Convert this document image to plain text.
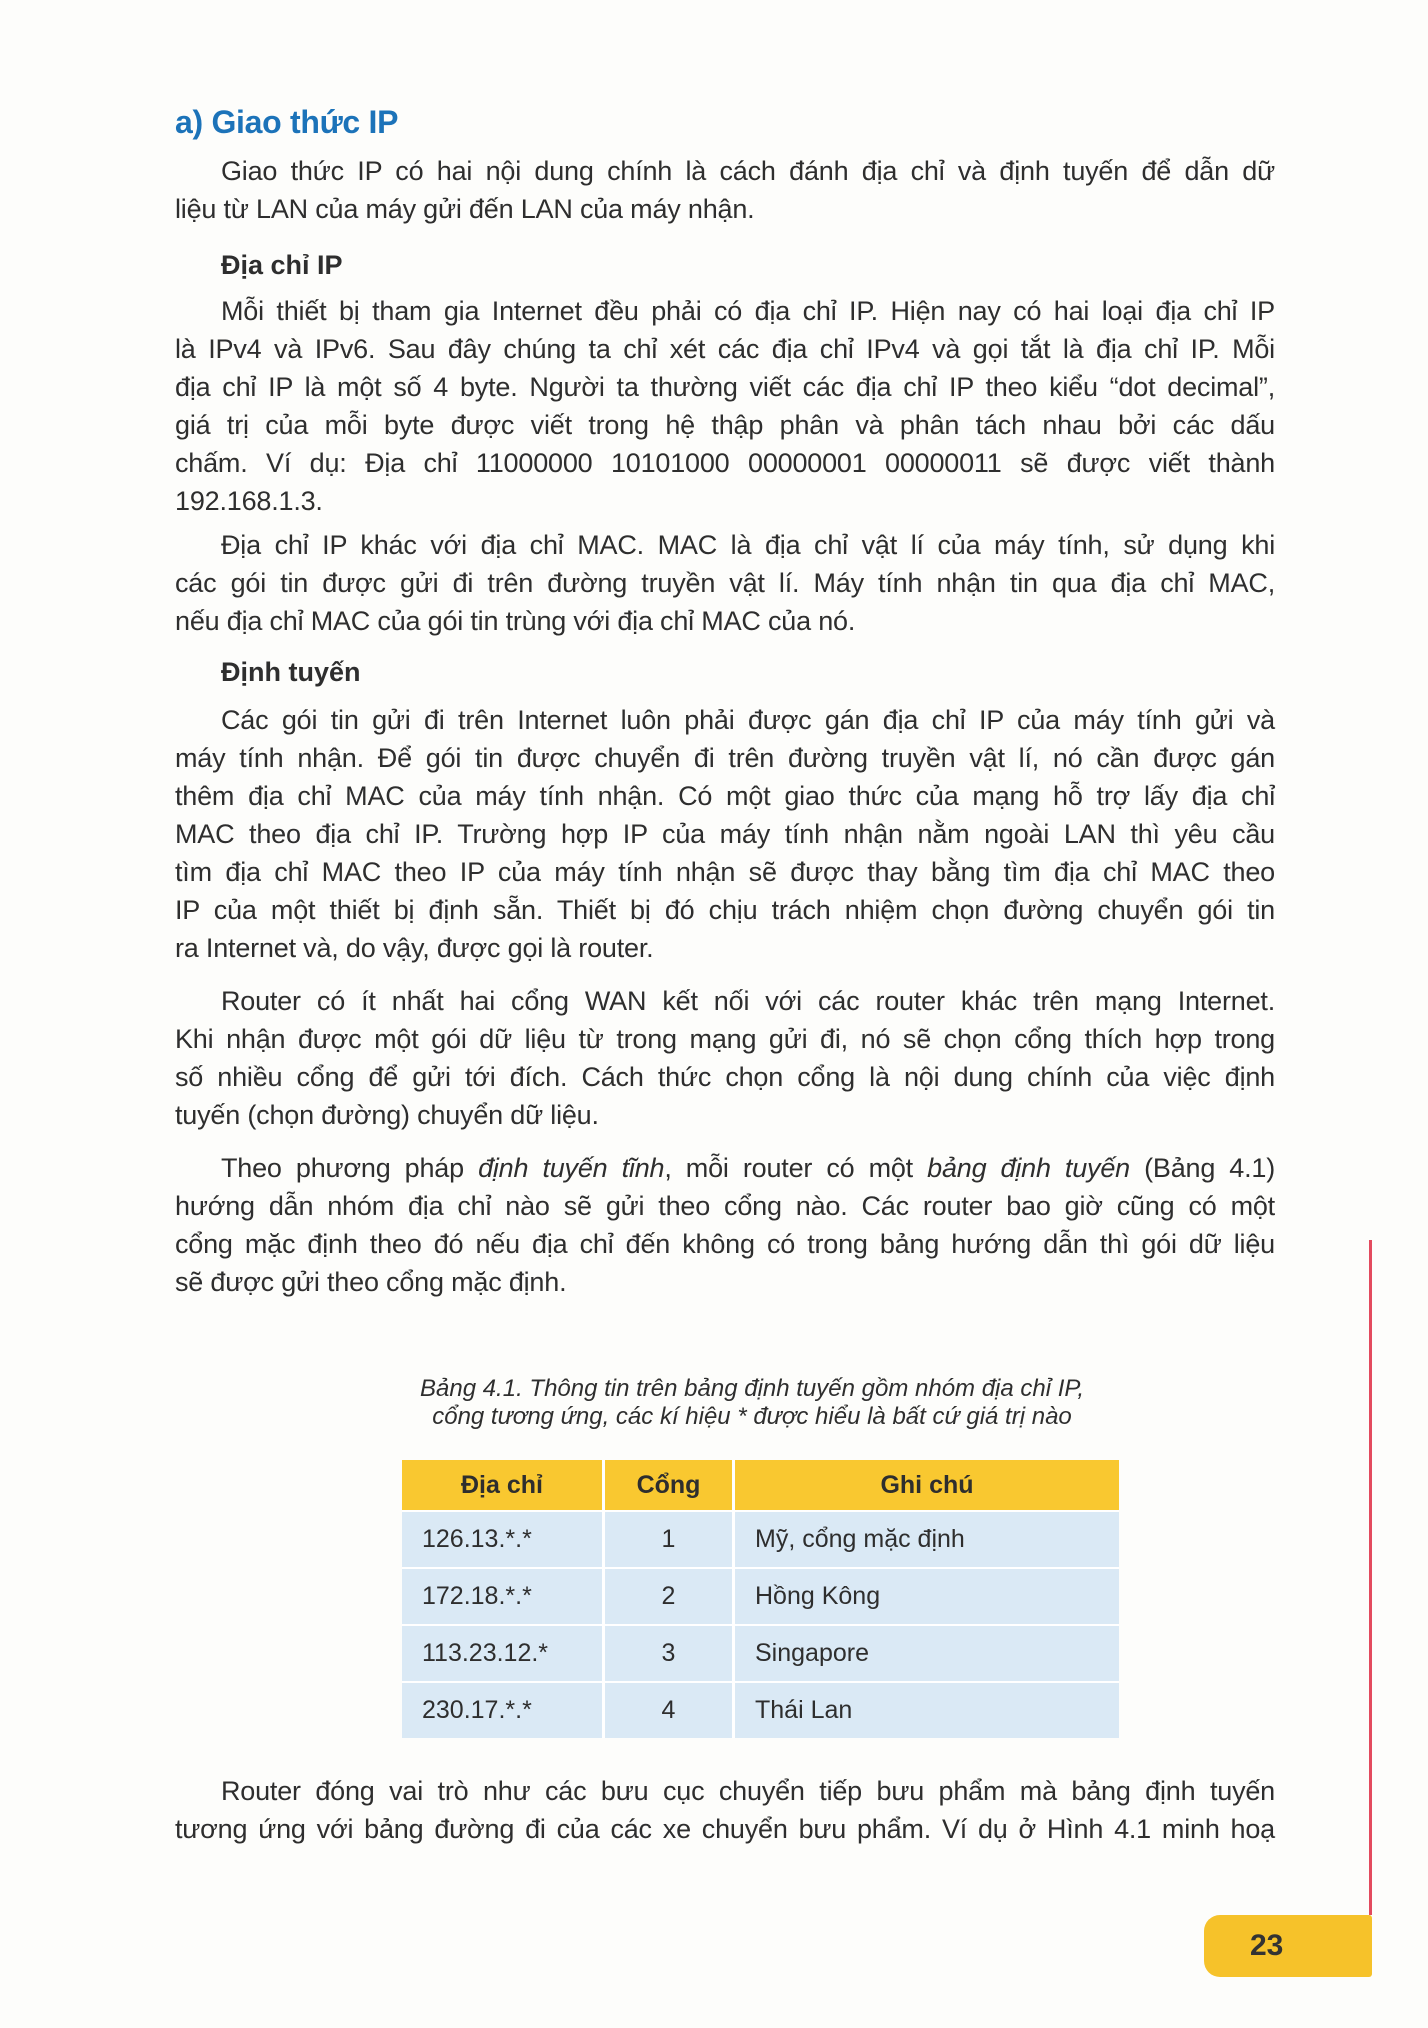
a) Giao thức IP
Giao thức IP có hai nội dung chính là cách đánh địa chỉ và định tuyến để dẫn dữ
liệu từ LAN của máy gửi đến LAN của máy nhận.
Địa chỉ IP
Mỗi thiết bị tham gia Internet đều phải có địa chỉ IP. Hiện nay có hai loại địa chỉ IP
là IPv4 và IPv6. Sau đây chúng ta chỉ xét các địa chỉ IPv4 và gọi tắt là địa chỉ IP. Mỗi
địa chỉ IP là một số 4 byte. Người ta thường viết các địa chỉ IP theo kiểu “dot decimal”,
giá trị của mỗi byte được viết trong hệ thập phân và phân tách nhau bởi các dấu
chấm. Ví dụ: Địa chỉ 11000000 10101000 00000001 00000011 sẽ được viết thành
192.168.1.3.
Địa chỉ IP khác với địa chỉ MAC. MAC là địa chỉ vật lí của máy tính, sử dụng khi
các gói tin được gửi đi trên đường truyền vật lí. Máy tính nhận tin qua địa chỉ MAC,
nếu địa chỉ MAC của gói tin trùng với địa chỉ MAC của nó.
Định tuyến
Các gói tin gửi đi trên Internet luôn phải được gán địa chỉ IP của máy tính gửi và
máy tính nhận. Để gói tin được chuyển đi trên đường truyền vật lí, nó cần được gán
thêm địa chỉ MAC của máy tính nhận. Có một giao thức của mạng hỗ trợ lấy địa chỉ
MAC theo địa chỉ IP. Trường hợp IP của máy tính nhận nằm ngoài LAN thì yêu cầu
tìm địa chỉ MAC theo IP của máy tính nhận sẽ được thay bằng tìm địa chỉ MAC theo
IP của một thiết bị định sẵn. Thiết bị đó chịu trách nhiệm chọn đường chuyển gói tin
ra Internet và, do vậy, được gọi là router.
Router có ít nhất hai cổng WAN kết nối với các router khác trên mạng Internet.
Khi nhận được một gói dữ liệu từ trong mạng gửi đi, nó sẽ chọn cổng thích hợp trong
số nhiều cổng để gửi tới đích. Cách thức chọn cổng là nội dung chính của việc định
tuyến (chọn đường) chuyển dữ liệu.
Theo phương pháp định tuyến tĩnh, mỗi router có một bảng định tuyến (Bảng 4.1)
hướng dẫn nhóm địa chỉ nào sẽ gửi theo cổng nào. Các router bao giờ cũng có một
cổng mặc định theo đó nếu địa chỉ đến không có trong bảng hướng dẫn thì gói dữ liệu
sẽ được gửi theo cổng mặc định.
Bảng 4.1. Thông tin trên bảng định tuyến gồm nhóm địa chỉ IP,
cổng tương ứng, các kí hiệu * được hiểu là bất cứ giá trị nào
Địa chỉ	Cổng	Ghi chú
126.13.*.*	1	Mỹ, cổng mặc định
172.18.*.*	2	Hồng Kông
113.23.12.*	3	Singapore
230.17.*.*	4	Thái Lan
Router đóng vai trò như các bưu cục chuyển tiếp bưu phẩm mà bảng định tuyến
tương ứng với bảng đường đi của các xe chuyển bưu phẩm. Ví dụ ở Hình 4.1 minh hoạ
23
